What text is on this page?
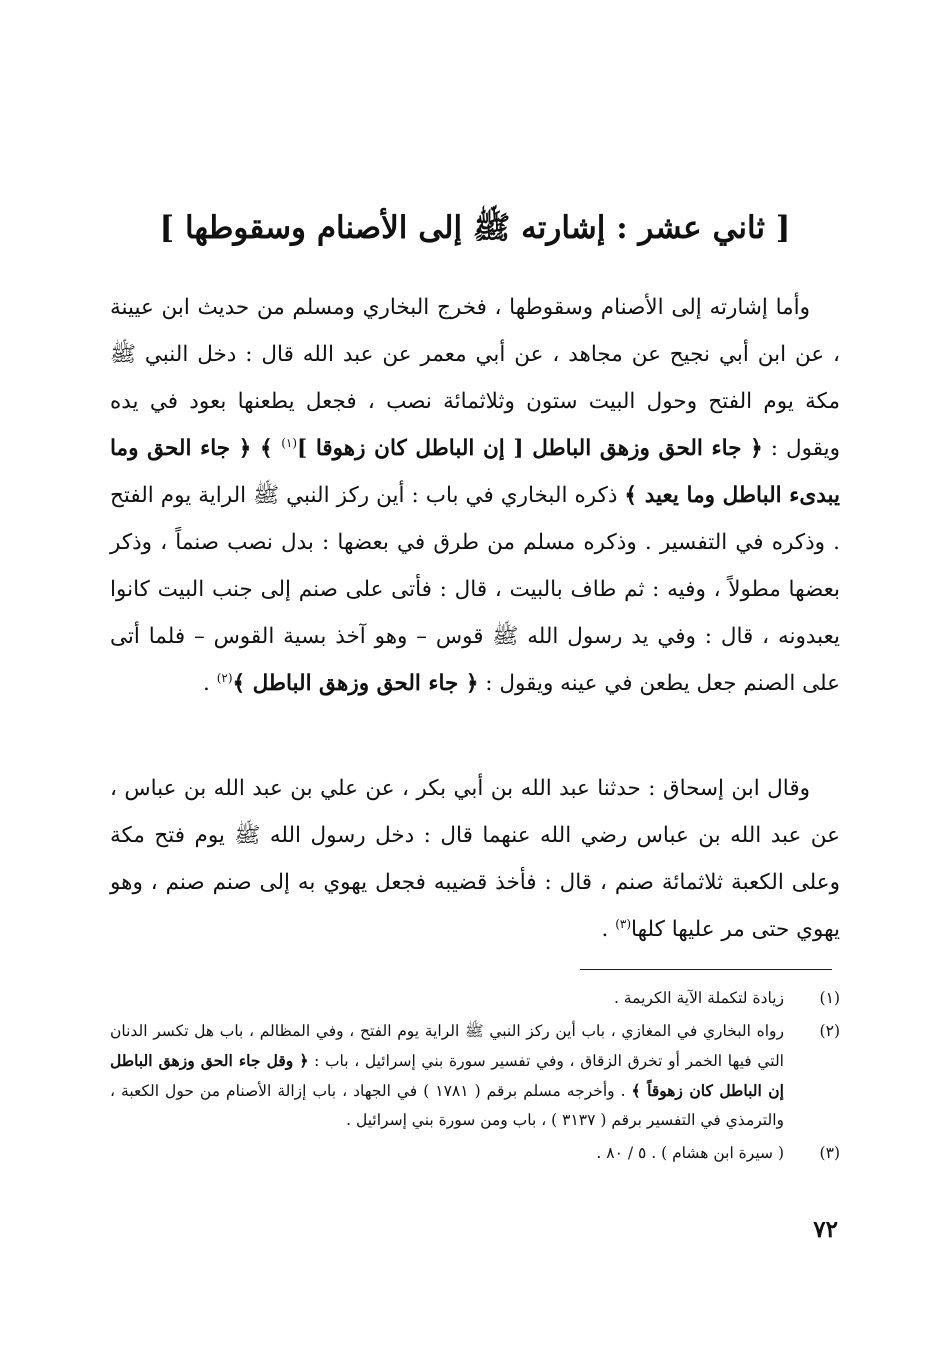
[ ثاني عشر : إشارته ﷺ إلى الأصنام وسقوطها ]
وأما إشارته إلى الأصنام وسقوطها ، فخرج البخاري ومسلم من حديث ابن عيينة ، عن ابن أبي نجيح عن مجاهد ، عن أبي معمر عن عبد الله قال : دخل النبي ﷺ مكة يوم الفتح وحول البيت ستون وثلاثمائة نصب ، فجعل يطعنها بعود في يده ويقول : ﴿ جاء الحق وزهق الباطل [ إن الباطل كان زهوقا ]$^{(١)}$ ﴾ ﴿ جاء الحق وما يبدىء الباطل وما يعيد ﴾ ذكره البخاري في باب : أين ركز النبي ﷺ الراية يوم الفتح . وذكره في التفسير . وذكره مسلم من طرق في بعضها : بدل نصب صنماً ، وذكر بعضها مطولاً ، وفيه : ثم طاف بالبيت ، قال : فأتى على صنم إلى جنب البيت كانوا يعبدونه ، قال : وفي يد رسول الله ﷺ قوس – وهو آخذ بسية القوس – فلما أتى على الصنم جعل يطعن في عينه ويقول : ﴿ جاء الحق وزهق الباطل ﴾$^{(٢)}$ .
وقال ابن إسحاق : حدثنا عبد الله بن أبي بكر ، عن علي بن عبد الله بن عباس ، عن عبد الله بن عباس رضي الله عنهما قال : دخل رسول الله ﷺ يوم فتح مكة وعلى الكعبة ثلاثمائة صنم ، قال : فأخذ قضيبه فجعل يهوي به إلى صنم صنم ، وهو يهوي حتى مر عليها كلها$^{(٣)}$ .
(١)
زيادة لتكملة الآية الكريمة .
(٢)
رواه البخاري في المغازي ، باب أين ركز النبي ﷺ الراية يوم الفتح ، وفي المظالم ، باب هل تكسر الدنان التي فيها الخمر أو تخرق الزقاق ، وفي تفسير سورة بني إسرائيل ، باب : ﴿ وقل جاء الحق وزهق الباطل إن الباطل كان زهوقاً ﴾ . وأخرجه مسلم برقم ( ١٧٨١ ) في الجهاد ، باب إزالة الأصنام من حول الكعبة ، والترمذي في التفسير برقم ( ٣١٣٧ ) ، باب ومن سورة بني إسرائيل .
(٣)
( سيرة ابن هشام ) . ٥ / ٨٠ .
٧٢
